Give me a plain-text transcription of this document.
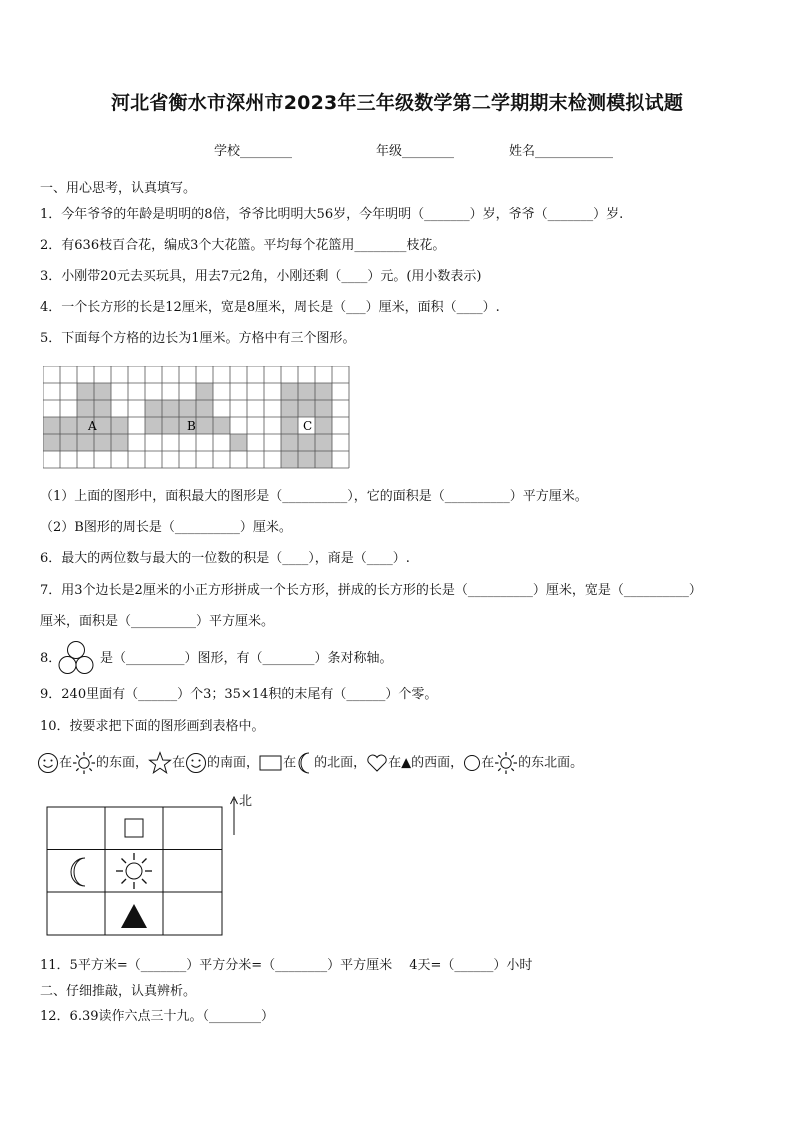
河北省衡水市深州市2023年三年级数学第二学期期末检测模拟试题
学校________	年级________	姓名____________
一、用心思考，认真填写。
1．今年爷爷的年龄是明明的8倍，爷爷比明明大56岁，今年明明（_______）岁，爷爷（_______）岁.
2．有636枝百合花，编成3个大花篮。平均每个花篮用________枝花。
3．小刚带20元去买玩具，用去7元2角，小刚还剩（____）元。(用小数表示)
4．一个长方形的长是12厘米，宽是8厘米，周长是（___）厘米，面积（____）.
5．下面每个方格的边长为1厘米。方格中有三个图形。
A	B	C
（1）上面的图形中，面积最大的图形是（__________），它的面积是（__________）平方厘米。
（2）B图形的周长是（__________）厘米。
6．最大的两位数与最大的一位数的积是（____），商是（____）.
7．用3个边长是2厘米的小正方形拼成一个长方形，拼成的长方形的长是（__________）厘米，宽是（__________）
厘米，面积是（__________）平方厘米。
8．	是（_________）图形，有（________）条对称轴。
9．240里面有（______）个3；35×14积的末尾有（______）个零。
10．按要求把下面的图形画到表格中。
在 的东面， 在 的南面， 在 的北面， 在▲的西面， 在 的东北面。
北
11．5平方米=（_______）平方分米=（________）平方厘米　 4天=（______）小时
二、仔细推敲，认真辨析。
12．6.39读作六点三十九。（________）
